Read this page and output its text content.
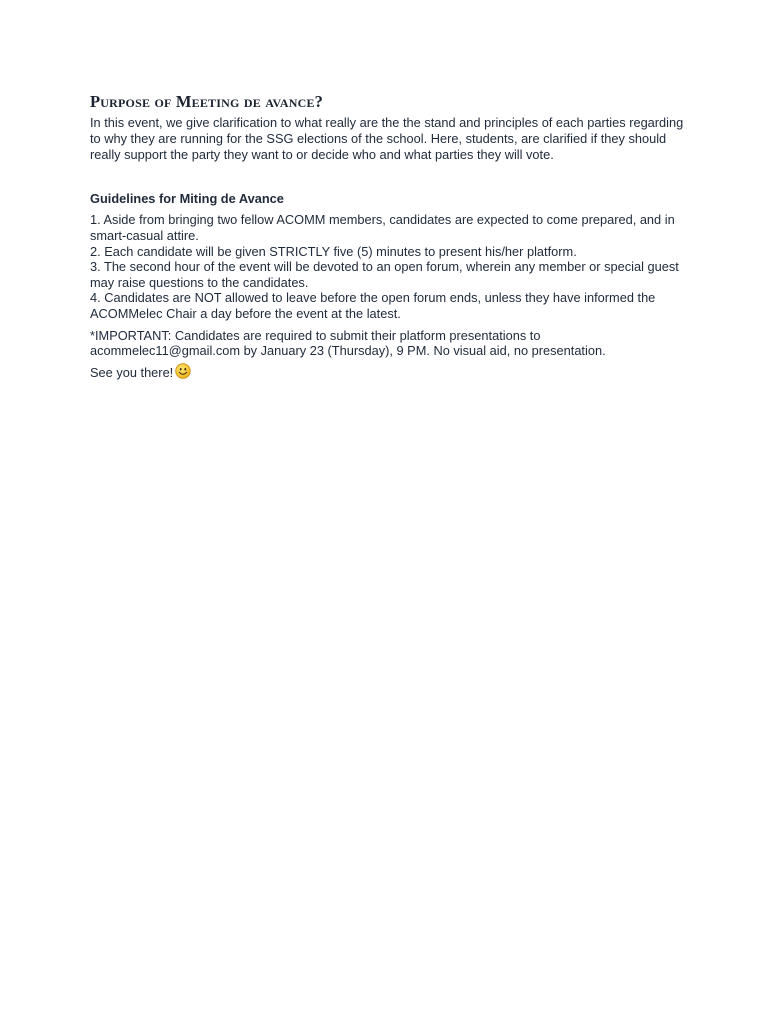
Purpose of Meeting de avance?

In this event, we give clarification to what really are the the stand and principles of each parties regarding to why they are running for the SSG elections of the school. Here, students, are clarified if they should really support the party they want to or decide who and what parties they will vote.

Guidelines for Miting de Avance
1. Aside from bringing two fellow ACOMM members, candidates are expected to come prepared, and in smart-casual attire.
2. Each candidate will be given STRICTLY five (5) minutes to present his/her platform.
3. The second hour of the event will be devoted to an open forum, wherein any member or special guest may raise questions to the candidates.
4. Candidates are NOT allowed to leave before the open forum ends, unless they have informed the ACOMMelec Chair a day before the event at the latest.

*IMPORTANT: Candidates are required to submit their platform presentations to acommelec11@gmail.com by January 23 (Thursday), 9 PM. No visual aid, no presentation.

See you there!
